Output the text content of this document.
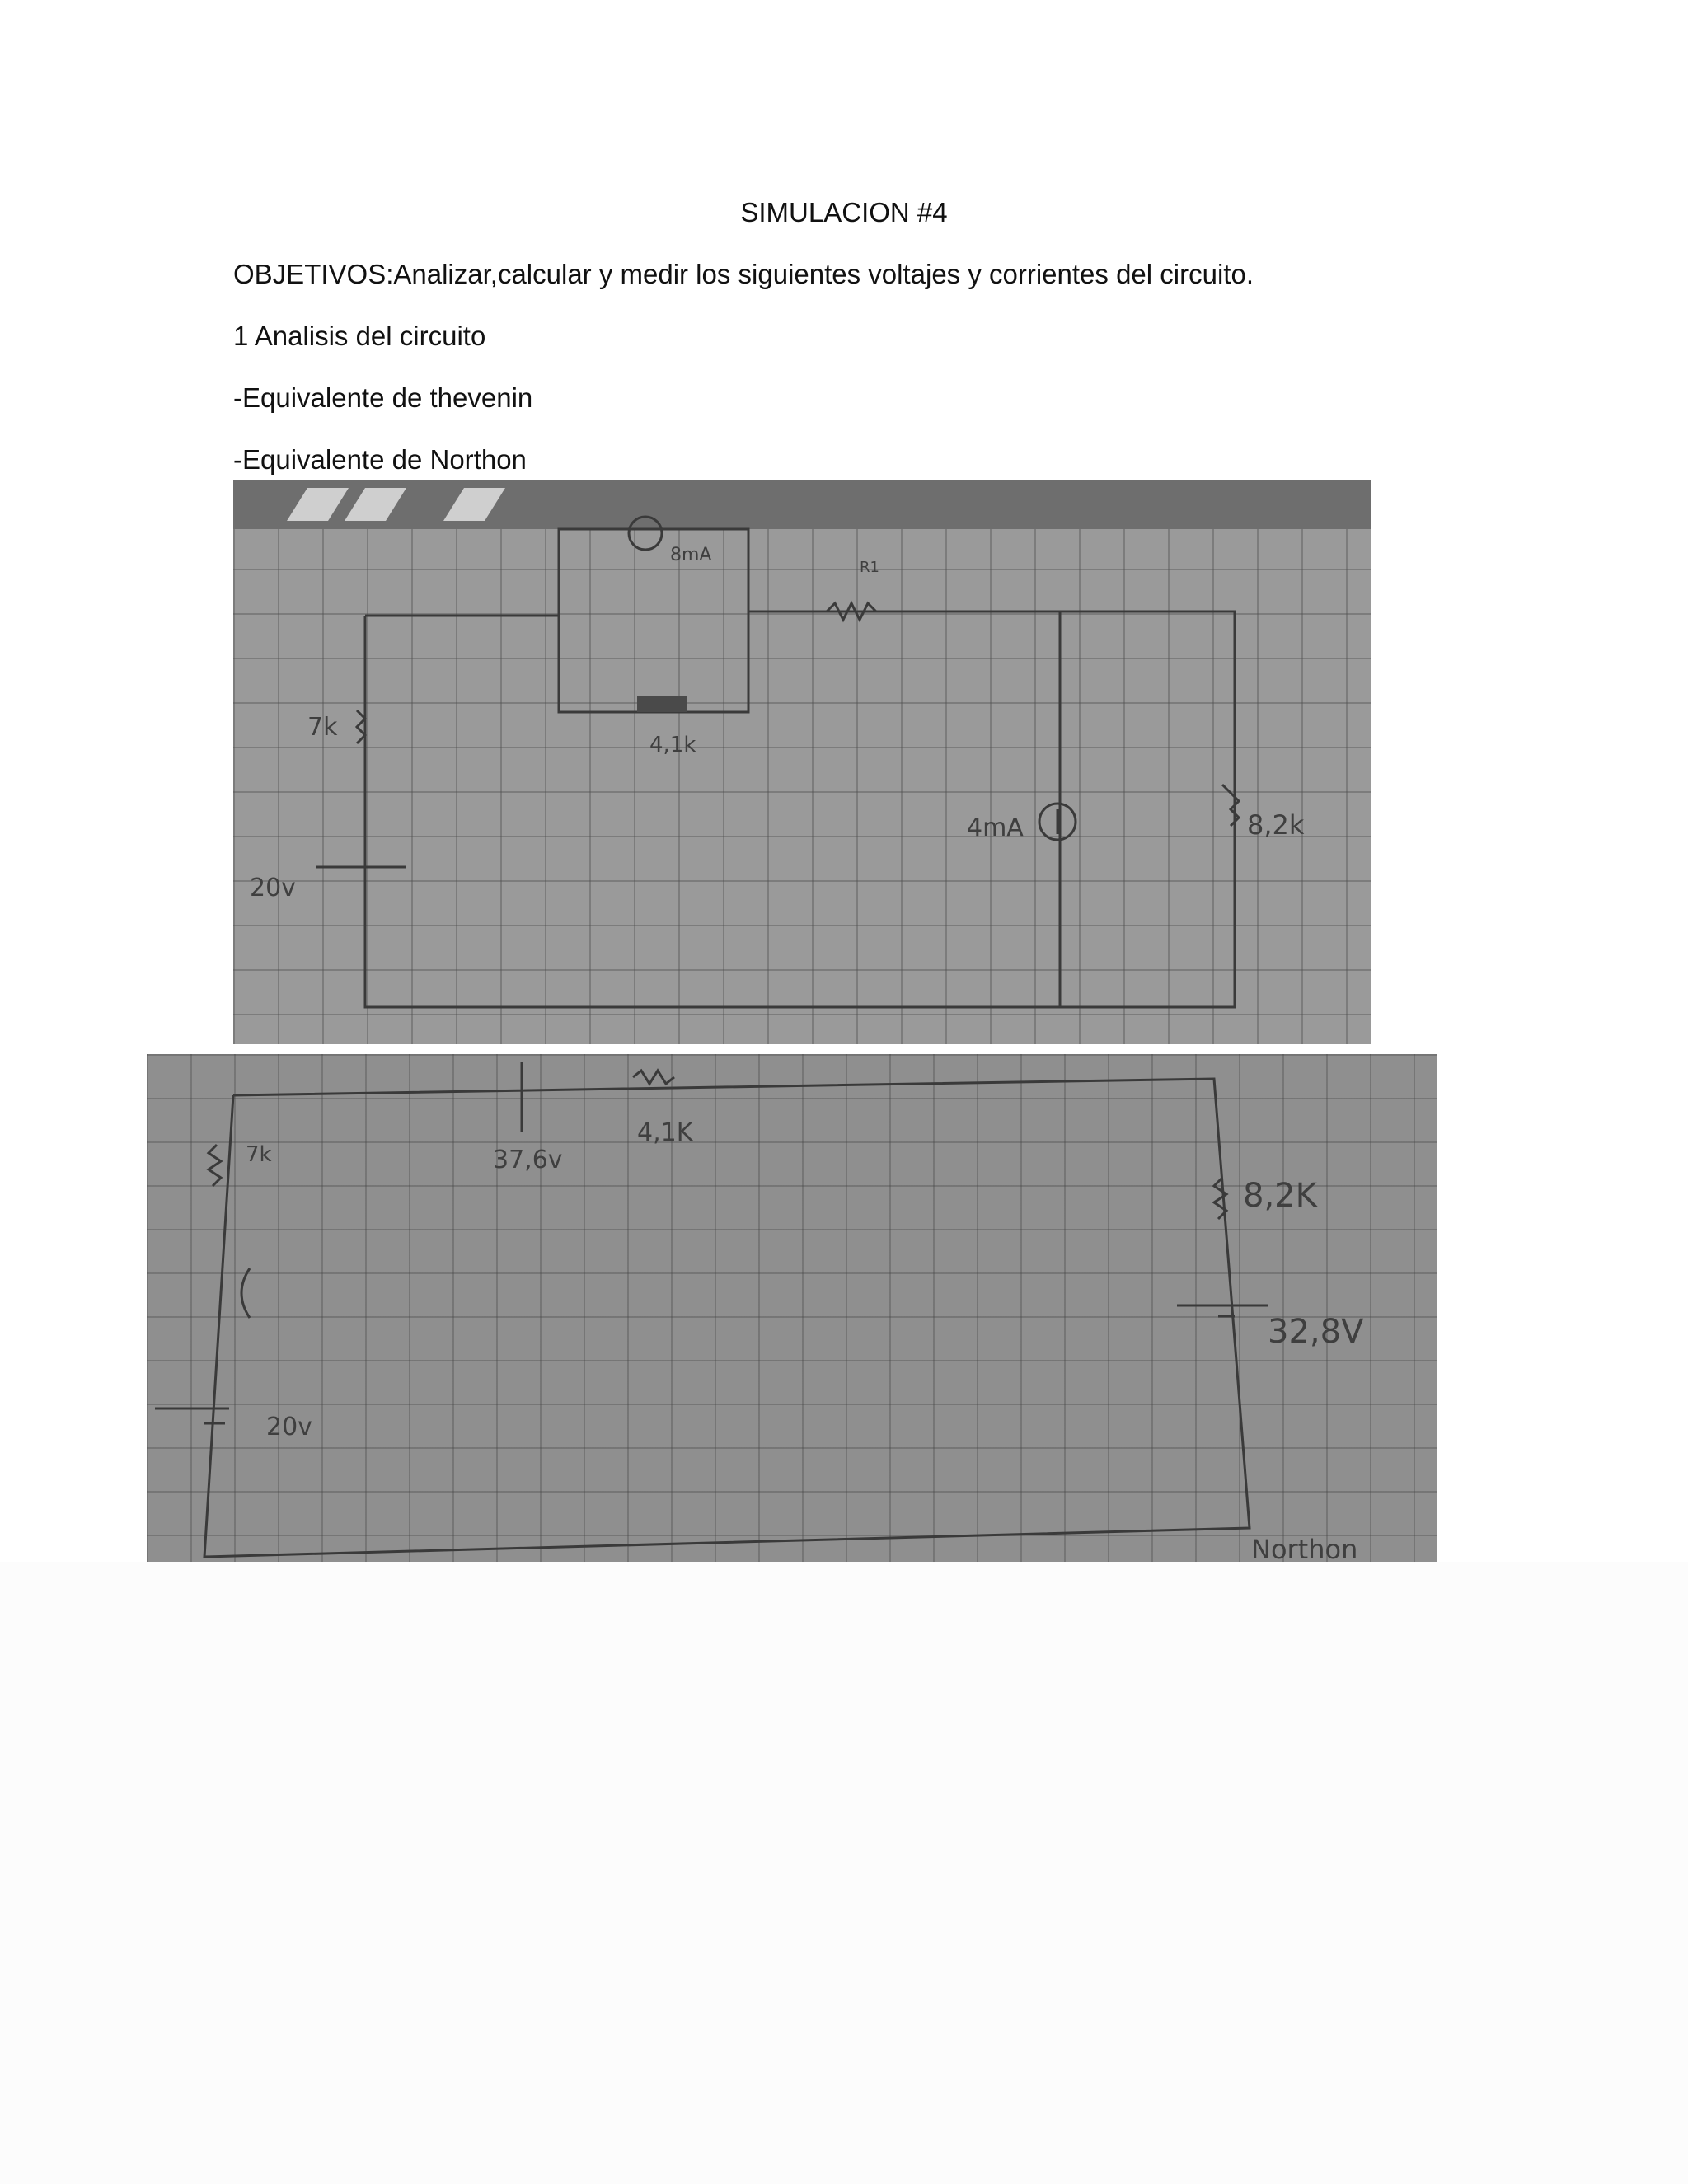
SIMULACION #4
OBJETIVOS:Analizar,calcular y medir los siguientes voltajes y corrientes del circuito.
1 Analisis del circuito
-Equivalente de thevenin
-Equivalente de Northon
8mA
R1
7k
4,1k
4mA	8,2k
20v
7k	37,6v
4,1K
8,2K
32,8V
20v
Northon
